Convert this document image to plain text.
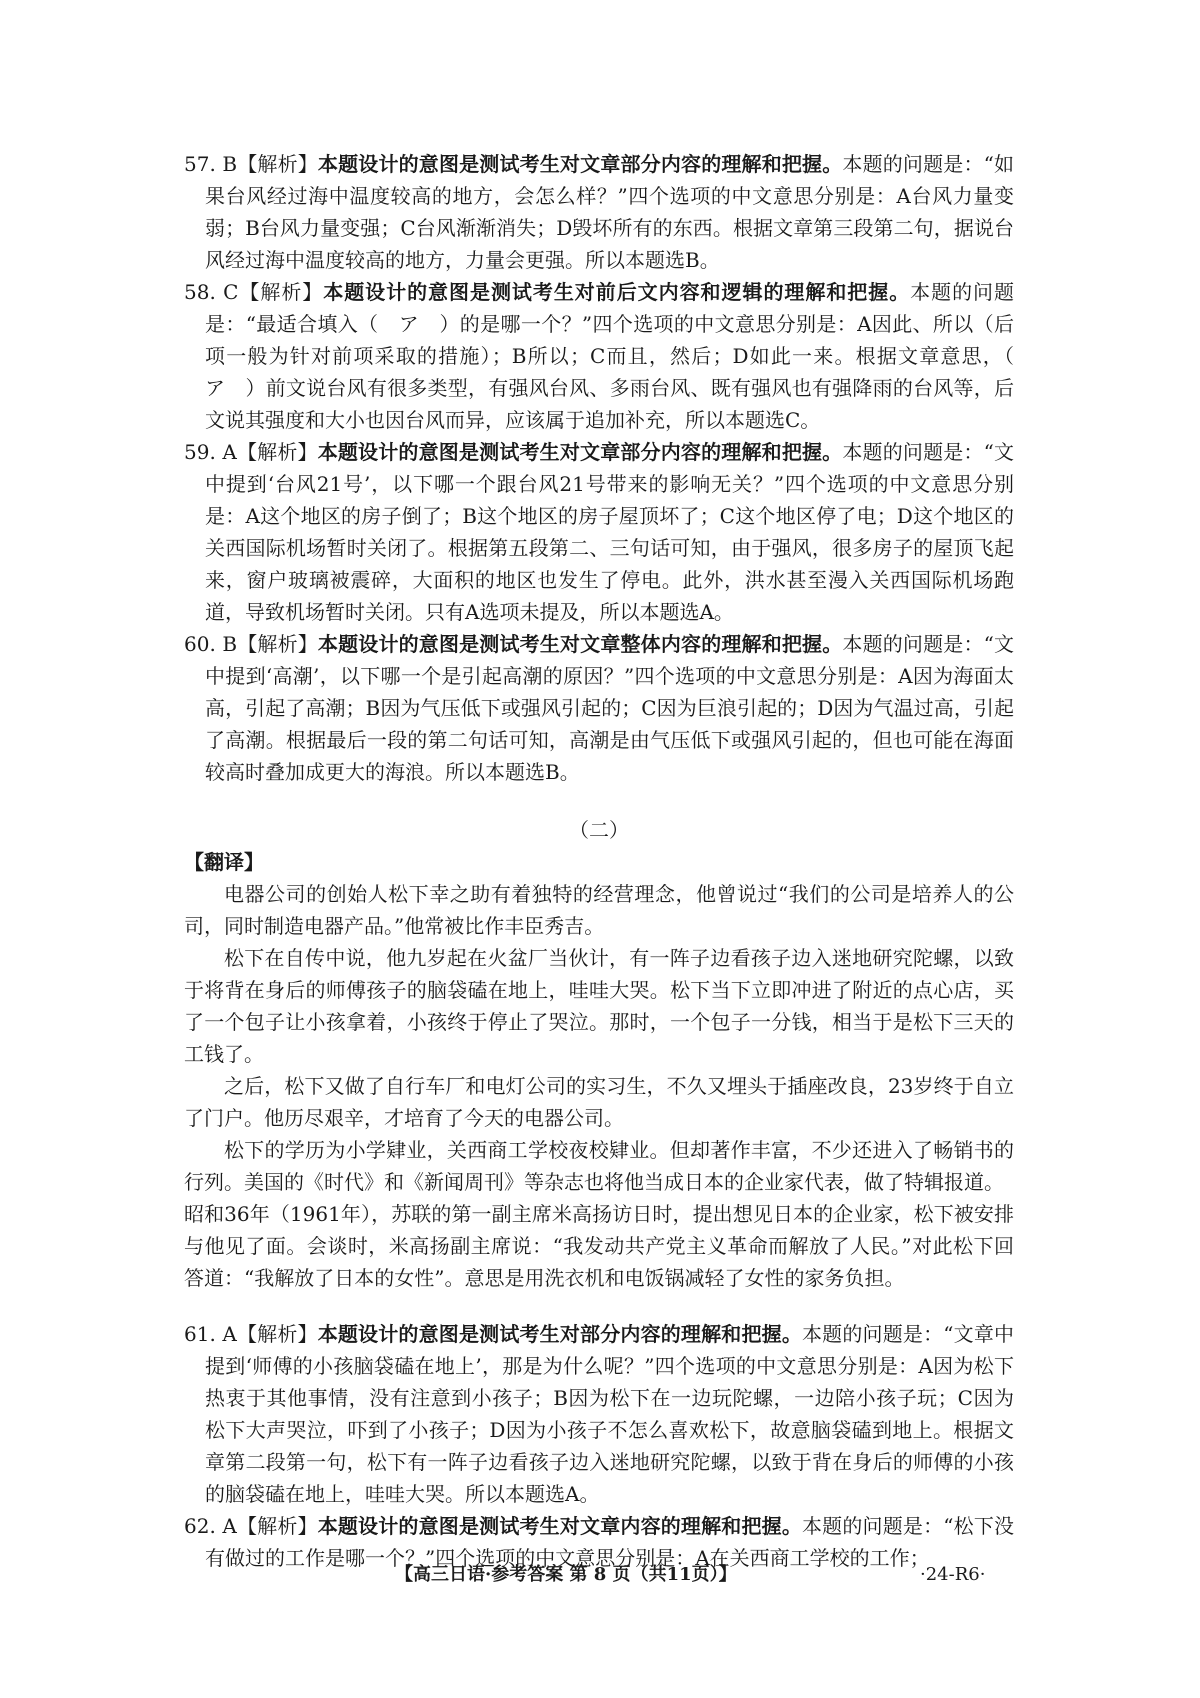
57. B【解析】本题设计的意图是测试考生对文章部分内容的理解和把握。本题的问题是：“如果台风经过海中温度较高的地方，会怎么样？”四个选项的中文意思分别是：A台风力量变弱；B台风力量变强；C台风渐渐消失；D毁坏所有的东西。根据文章第三段第二句，据说台风经过海中温度较高的地方，力量会更强。所以本题选B。

58. C【解析】本题设计的意图是测试考生对前后文内容和逻辑的理解和把握。本题的问题是：“最适合填入（　ア　）的是哪一个？”四个选项的中文意思分别是：A因此、所以（后项一般为针对前项采取的措施）；B所以；C而且，然后；D如此一来。根据文章意思，（　ア　）前文说台风有很多类型，有强风台风、多雨台风、既有强风也有强降雨的台风等，后文说其强度和大小也因台风而异，应该属于追加补充，所以本题选C。

59. A【解析】本题设计的意图是测试考生对文章部分内容的理解和把握。本题的问题是：“文中提到‘台风21号’，以下哪一个跟台风21号带来的影响无关？”四个选项的中文意思分别是：A这个地区的房子倒了；B这个地区的房子屋顶坏了；C这个地区停了电；D这个地区的关西国际机场暂时关闭了。根据第五段第二、三句话可知，由于强风，很多房子的屋顶飞起来，窗户玻璃被震碎，大面积的地区也发生了停电。此外，洪水甚至漫入关西国际机场跑道，导致机场暂时关闭。只有A选项未提及，所以本题选A。

60. B【解析】本题设计的意图是测试考生对文章整体内容的理解和把握。本题的问题是：“文中提到‘高潮’，以下哪一个是引起高潮的原因？”四个选项的中文意思分别是：A因为海面太高，引起了高潮；B因为气压低下或强风引起的；C因为巨浪引起的；D因为气温过高，引起了高潮。根据最后一段的第二句话可知，高潮是由气压低下或强风引起的，但也可能在海面较高时叠加成更大的海浪。所以本题选B。

（二）

【翻译】

电器公司的创始人松下幸之助有着独特的经营理念，他曾说过“我们的公司是培养人的公司，同时制造电器产品。”他常被比作丰臣秀吉。

松下在自传中说，他九岁起在火盆厂当伙计，有一阵子边看孩子边入迷地研究陀螺，以致于将背在身后的师傅孩子的脑袋磕在地上，哇哇大哭。松下当下立即冲进了附近的点心店，买了一个包子让小孩拿着，小孩终于停止了哭泣。那时，一个包子一分钱，相当于是松下三天的工钱了。

之后，松下又做了自行车厂和电灯公司的实习生，不久又埋头于插座改良，23岁终于自立了门户。他历尽艰辛，才培育了今天的电器公司。

松下的学历为小学肄业，关西商工学校夜校肄业。但却著作丰富，不少还进入了畅销书的行列。美国的《时代》和《新闻周刊》等杂志也将他当成日本的企业家代表，做了特辑报道。

昭和36年（1961年），苏联的第一副主席米高扬访日时，提出想见日本的企业家，松下被安排与他见了面。会谈时，米高扬副主席说：“我发动共产党主义革命而解放了人民。”对此松下回答道：“我解放了日本的女性”。意思是用洗衣机和电饭锅减轻了女性的家务负担。

61. A【解析】本题设计的意图是测试考生对部分内容的理解和把握。本题的问题是：“文章中提到‘师傅的小孩脑袋磕在地上’，那是为什么呢？”四个选项的中文意思分别是：A因为松下热衷于其他事情，没有注意到小孩子；B因为松下在一边玩陀螺，一边陪小孩子玩；C因为松下大声哭泣，吓到了小孩子；D因为小孩子不怎么喜欢松下，故意脑袋磕到地上。根据文章第二段第一句，松下有一阵子边看孩子边入迷地研究陀螺，以致于背在身后的师傅的小孩的脑袋磕在地上，哇哇大哭。所以本题选A。

62. A【解析】本题设计的意图是测试考生对文章内容的理解和把握。本题的问题是：“松下没有做过的工作是哪一个？”四个选项的中文意思分别是：A在关西商工学校的工作；

【高三日语·参考答案 第 8 页（共11页）】	·24-R6·
